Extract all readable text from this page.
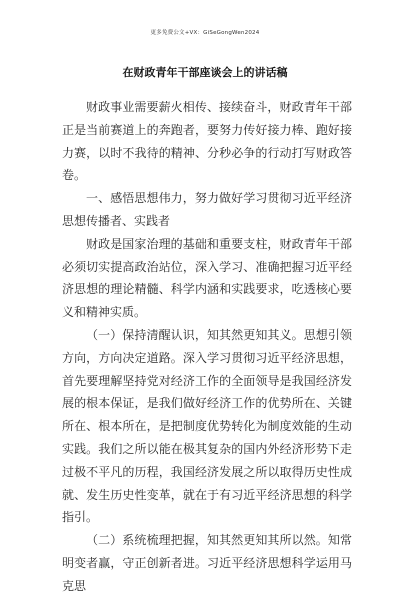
更多免费公文+VX：GiSeGongWen2024
在财政青年干部座谈会上的讲话稿

财政事业需要薪火相传、接续奋斗，财政青年干部正是当前赛道上的奔跑者，要努力传好接力棒、跑好接力赛，以时不我待的精神、分秒必争的行动打写财政答卷。

一、感悟思想伟力，努力做好学习贯彻习近平经济思想传播者、实践者

财政是国家治理的基础和重要支柱，财政青年干部必须切实提高政治站位，深入学习、准确把握习近平经济思想的理论精髓、科学内涵和实践要求，吃透核心要义和精神实质。

（一）保持清醒认识，知其然更知其义。思想引领方向，方向决定道路。深入学习贯彻习近平经济思想，首先要理解坚持党对经济工作的全面领导是我国经济发展的根本保证，是我们做好经济工作的优势所在、关键所在、根本所在，是把制度优势转化为制度效能的生动实践。我们之所以能在极其复杂的国内外经济形势下走过极不平凡的历程，我国经济发展之所以取得历史性成就、发生历史性变革，就在于有习近平经济思想的科学指引。

（二）系统梳理把握，知其然更知其所以然。知常明变者赢，守正创新者进。习近平经济思想科学运用马克思
